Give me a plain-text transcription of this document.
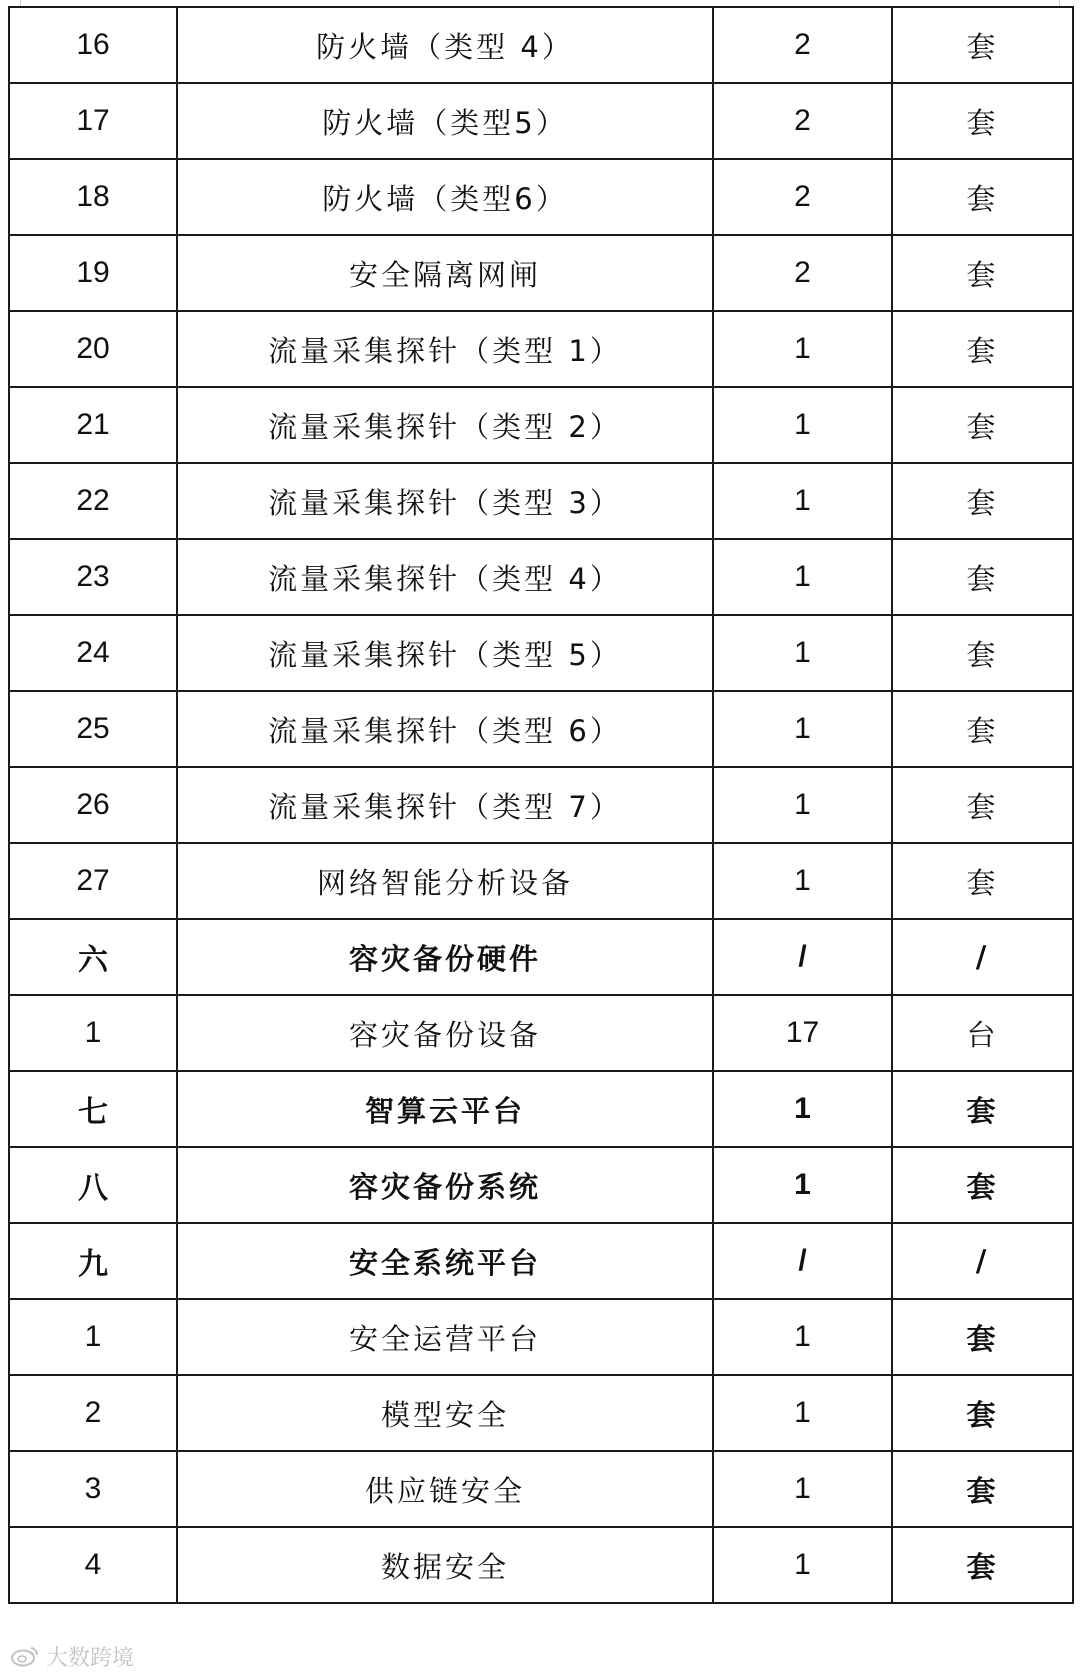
16	防火墙（类型 4）	2	套
17	防火墙（类型5）	2	套
18	防火墙（类型6）	2	套
19	安全隔离网闸	2	套
20	流量采集探针（类型 1）	1	套
21	流量采集探针（类型 2）	1	套
22	流量采集探针（类型 3）	1	套
23	流量采集探针（类型 4）	1	套
24	流量采集探针（类型 5）	1	套
25	流量采集探针（类型 6）	1	套
26	流量采集探针（类型 7）	1	套
27	网络智能分析设备	1	套
六	容灾备份硬件	/	/
1	容灾备份设备	17	台
七	智算云平台	1	套
八	容灾备份系统	1	套
九	安全系统平台	/	/
1	安全运营平台	1	套
2	模型安全	1	套
3	供应链安全	1	套
4	数据安全	1	套
大数跨境
